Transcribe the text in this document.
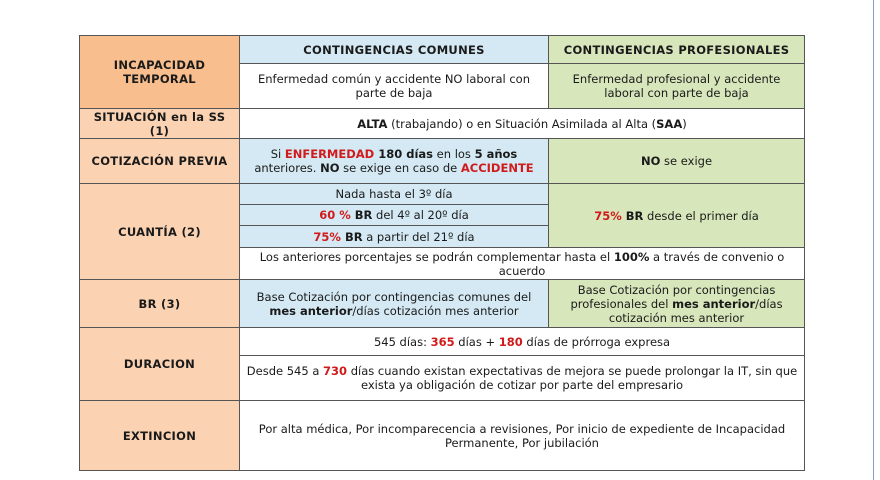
INCAPACIDAD TEMPORAL	CONTINGENCIAS COMUNES	CONTINGENCIAS PROFESIONALES
	Enfermedad común y accidente NO laboral con parte de baja	Enfermedad profesional y accidente laboral con parte de baja
SITUACIÓN en la SS (1)	ALTA (trabajando) o en Situación Asimilada al Alta (SAA)	
COTIZACIÓN PREVIA	Si ENFERMEDAD 180 días en los 5 años anteriores. NO se exige en caso de ACCIDENTE	NO se exige
CUANTÍA (2)	Nada hasta el 3º día	75% BR desde el primer día
	60 % BR del 4º al 20º día	
	75% BR a partir del 21º día	
	Los anteriores porcentajes se podrán complementar hasta el 100% a través de convenio o acuerdo	
BR (3)	Base Cotización por contingencias comunes del mes anterior/días cotización mes anterior	Base Cotización por contingencias profesionales del mes anterior/días cotización mes anterior
DURACION	545 días: 365 días + 180 días de prórroga expresa	
	Desde 545 a 730 días cuando existan expectativas de mejora se puede prolongar la IT, sin que exista ya obligación de cotizar por parte del empresario	
EXTINCION	Por alta médica, Por incomparecencia a revisiones, Por inicio de expediente de Incapacidad Permanente, Por jubilación	
